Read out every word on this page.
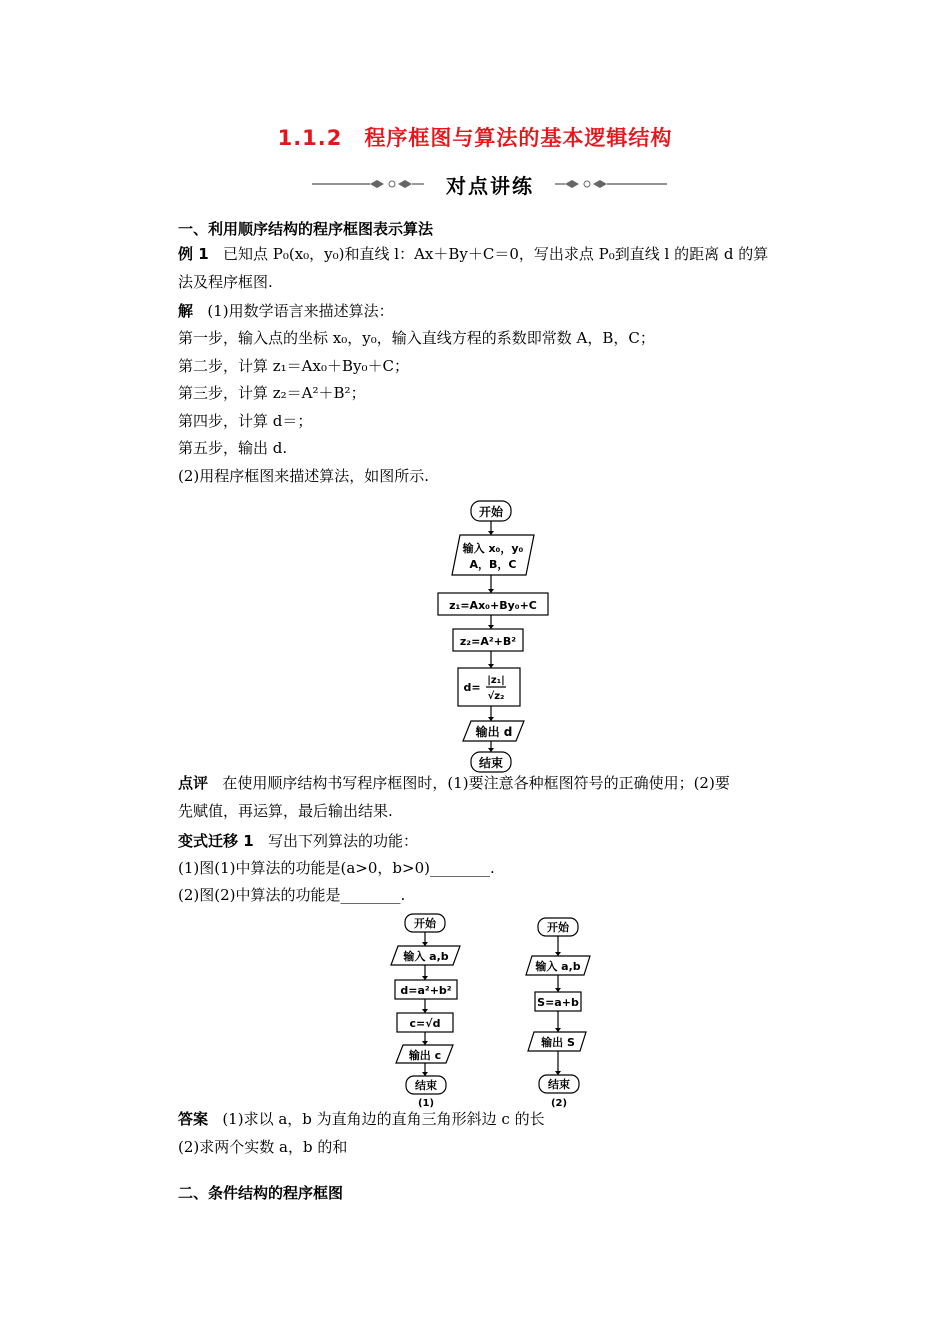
1.1.2　程序框图与算法的基本逻辑结构
对点讲练
一、利用顺序结构的程序框图表示算法
例 1 已知点 P₀(x₀，y₀)和直线 l：Ax＋By＋C＝0，写出求点 P₀到直线 l 的距离 d 的算
法及程序框图.
解 (1)用数学语言来描述算法：
第一步，输入点的坐标 x₀，y₀，输入直线方程的系数即常数 A，B，C；
第二步，计算 z₁＝Ax₀＋By₀＋C；
第三步，计算 z₂＝A²＋B²；
第四步，计算 d＝；
第五步，输出 d.
(2)用程序框图来描述算法，如图所示.
开始
输入 x₀，y₀
A，B，C
z₁=Ax₀+By₀+C
z₂=A²+B²
d=
|z₁|
√z₂
输出 d
结束
点评 在使用顺序结构书写程序框图时，(1)要注意各种框图符号的正确使用；(2)要
先赋值，再运算，最后输出结果.
变式迁移 1 写出下列算法的功能：
(1)图(1)中算法的功能是(a>0，b>0)________.
(2)图(2)中算法的功能是________.
开始
输入 a,b
d=a²+b²
c=√d
输出 c
结束
(1)
开始
输入 a,b
S=a+b
输出 S
结束
(2)
答案 (1)求以 a，b 为直角边的直角三角形斜边 c 的长
(2)求两个实数 a，b 的和
二、条件结构的程序框图
